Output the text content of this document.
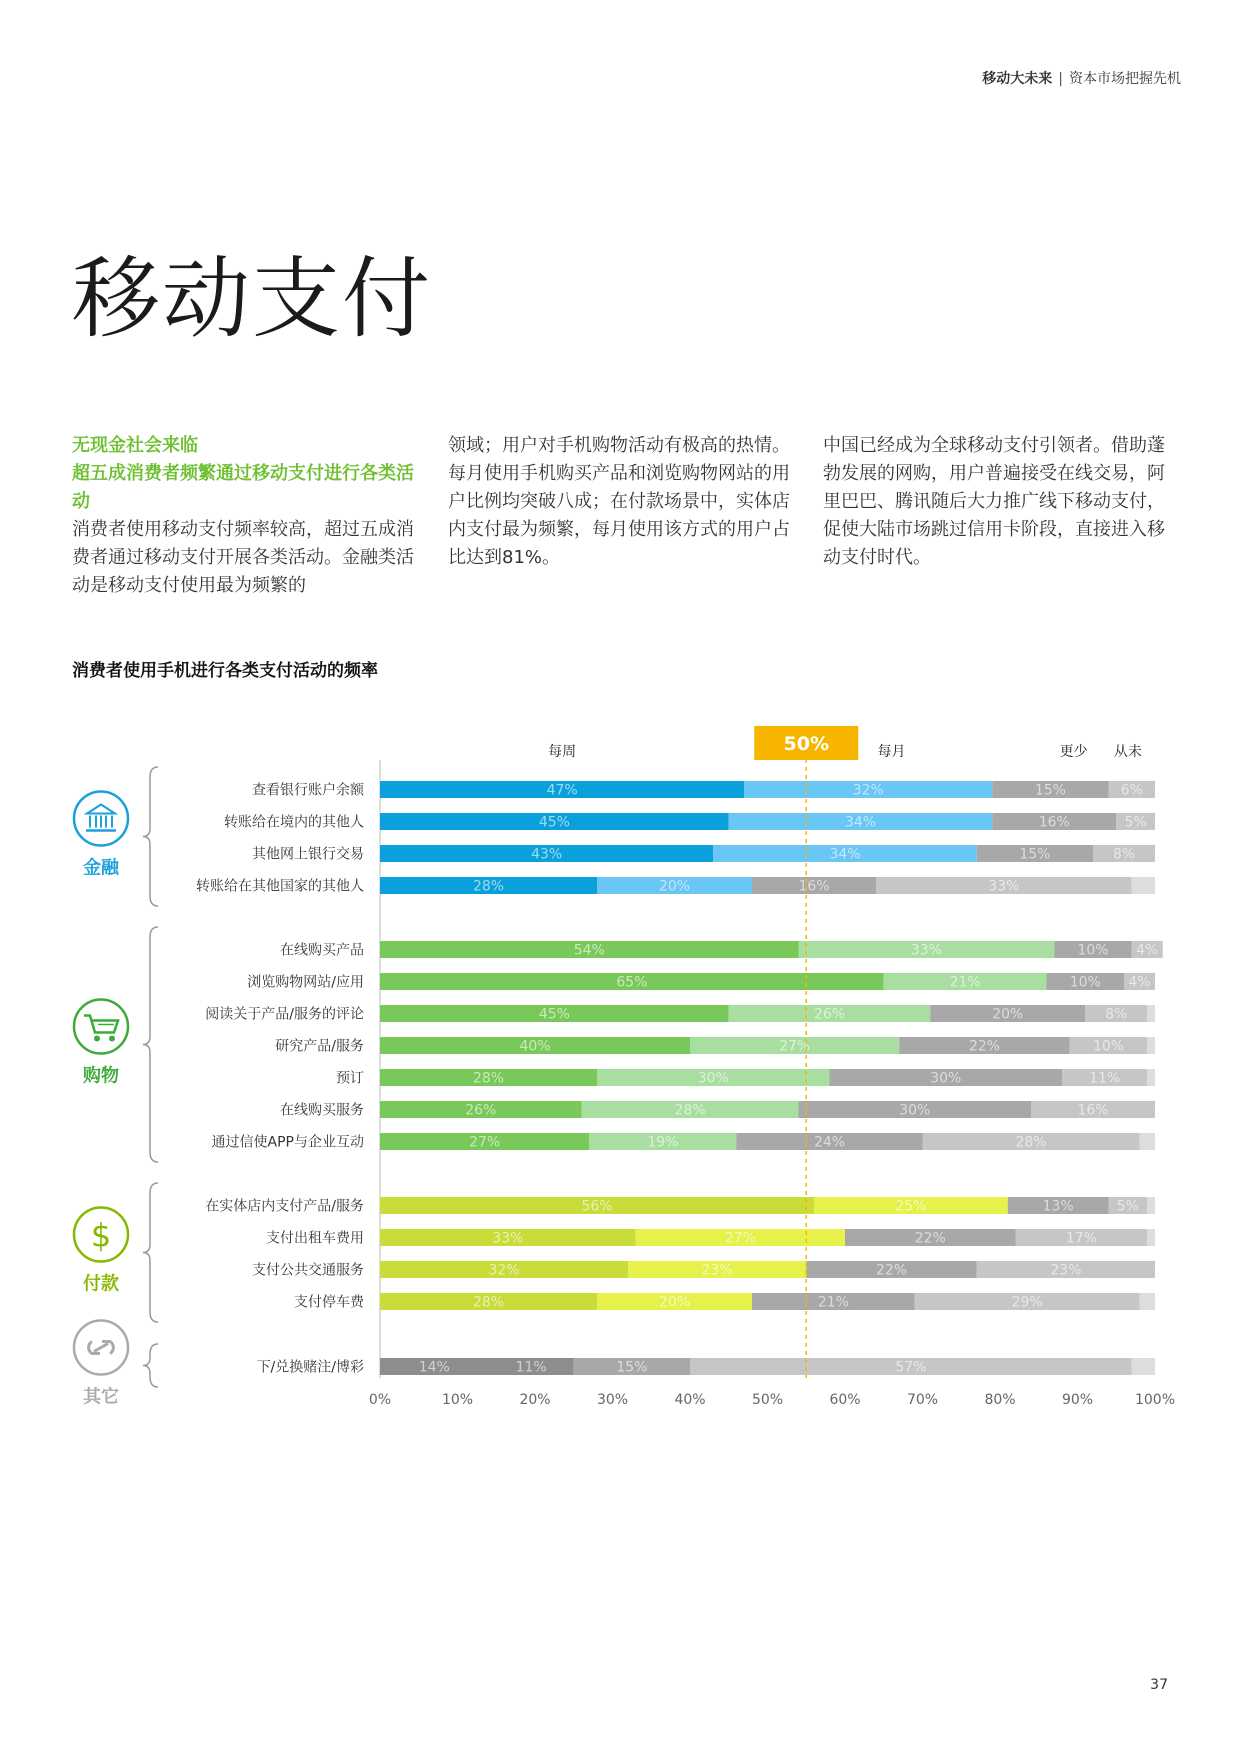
移动大未来 | 资本市场把握先机
移动支付
无现金社会来临
超五成消费者频繁通过移动支付进行各类活动
消费者使用移动支付频率较高，超过五成消费者通过移动支付开展各类活动。金融类活动是移动支付使用最为频繁的
领域；用户对手机购物活动有极高的热情。每月使用手机购买产品和浏览购物网站的用户比例均突破八成；在付款场景中，实体店内支付最为频繁，每月使用该方式的用户占比达到81%。
中国已经成为全球移动支付引领者。借助蓬勃发展的网购，用户普遍接受在线交易，阿里巴巴、腾讯随后大力推广线下移动支付，促使大陆市场跳过信用卡阶段，直接进入移动支付时代。
消费者使用手机进行各类支付活动的频率
每周	每月	更少 从未
查看银行账户余额	47%	32%	15%	6%
转账给在境内的其他人	45%	34%	16%	5%
其他网上银行交易	43%	34%	15%	8%
转账给在其他国家的其他人	28%	20%	16%	33%
金融
在线购买产品	54%	33%	10% 4%
浏览购物网站/应用	65%	21%	10% 4%
阅读关于产品/服务的评论	45%	26%	20%	8%
研究产品/服务	40%	27%	22%	10%
预订	28%	30%	30%	11%
在线购买服务	26%	28%	30%	16%
通过信使APP与企业互动	27%	19%	24%	28%
购物
在实体店内支付产品/服务	56%	25%	13%	5%
支付出租车费用	33%	27%	22%	17%
支付公共交通服务	32%	23%	22%	23%
支付停车费	28%	20%	21%	29%
$
付款
下/兑换赌注/博彩	14%	11%	15%	57%
其它
50%
0%	10%	20%	30%	40%	50%	60%	70%	80%	90%	100%
37
